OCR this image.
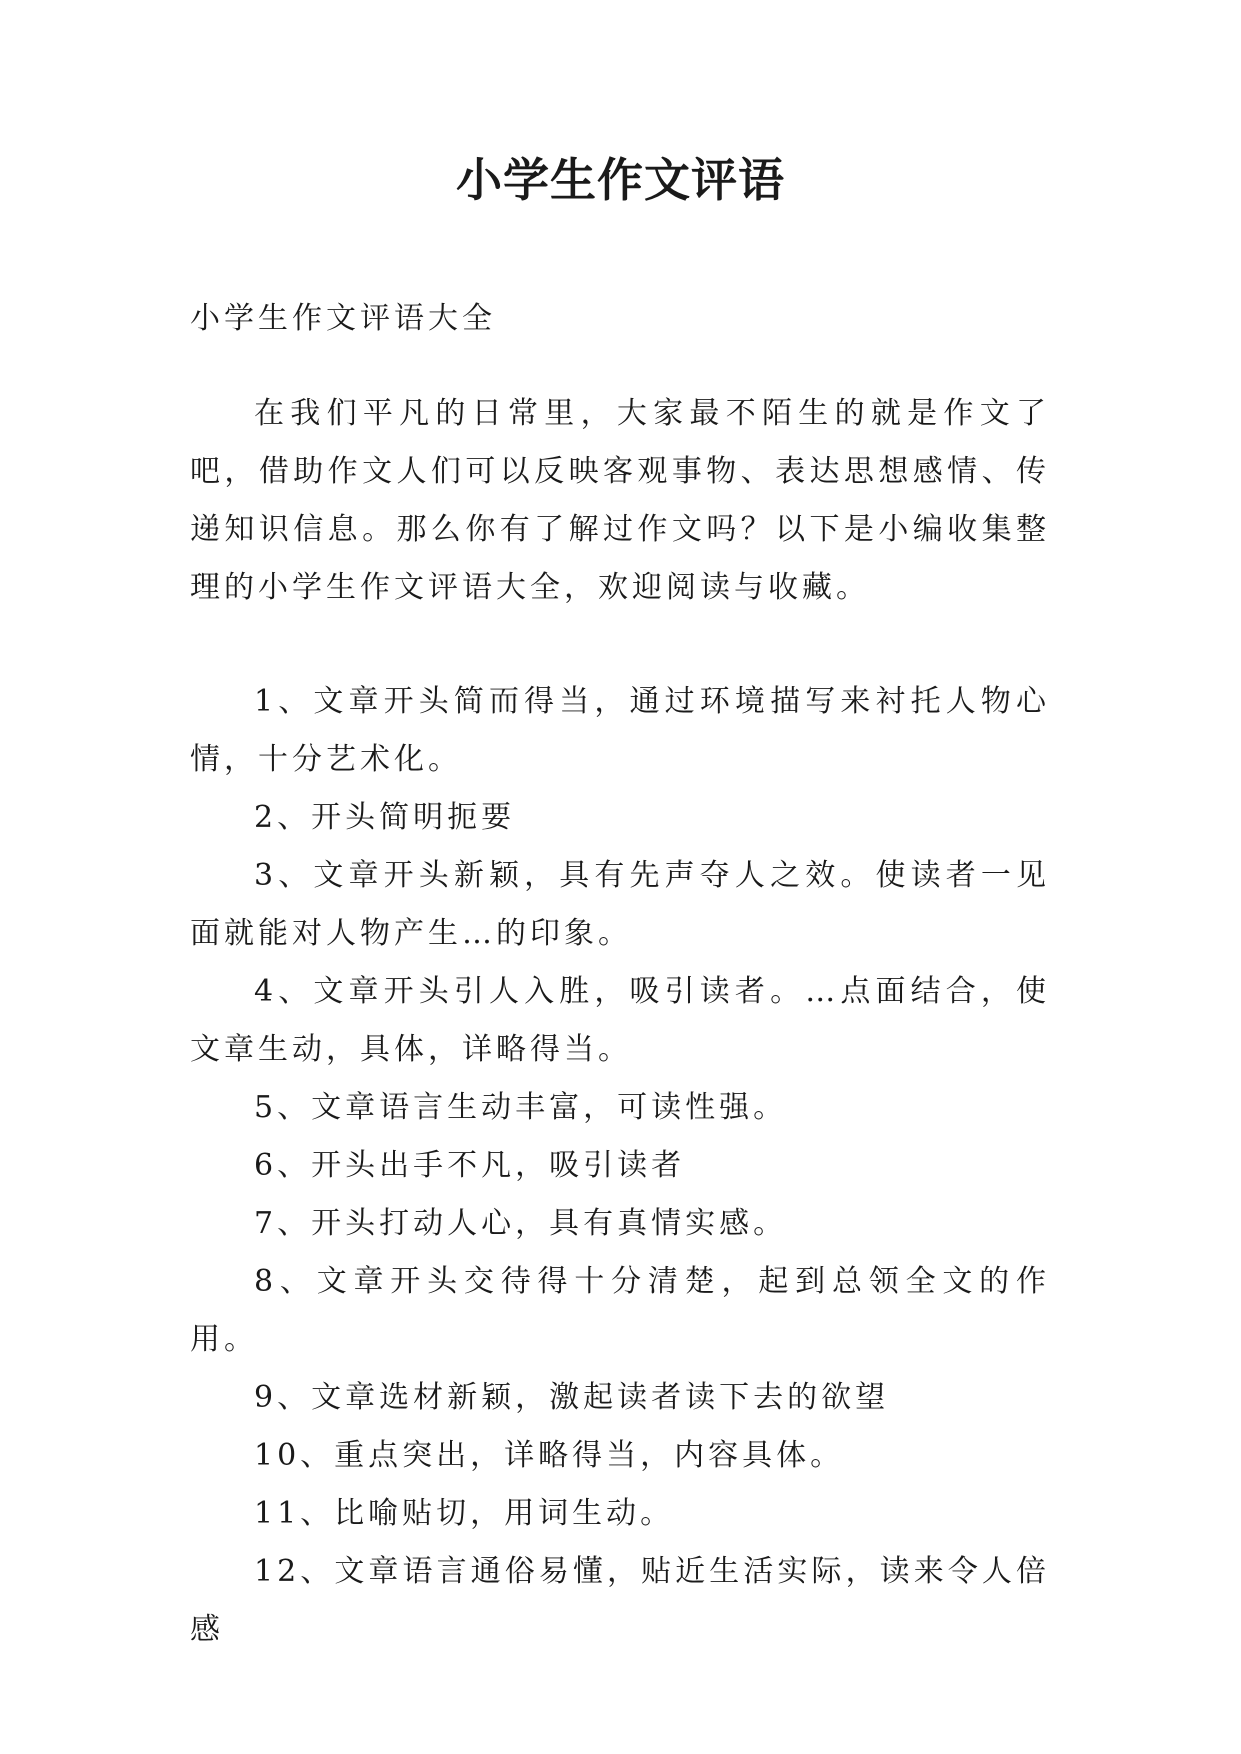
小学生作文评语

小学生作文评语大全

在我们平凡的日常里，大家最不陌生的就是作文了吧，借助作文人们可以反映客观事物、表达思想感情、传递知识信息。那么你有了解过作文吗？以下是小编收集整理的小学生作文评语大全，欢迎阅读与收藏。

1、文章开头简而得当，通过环境描写来衬托人物心情，十分艺术化。

2、开头简明扼要

3、文章开头新颖，具有先声夺人之效。使读者一见面就能对人物产生…的印象。

4、文章开头引人入胜，吸引读者。…点面结合，使文章生动，具体，详略得当。

5、文章语言生动丰富，可读性强。

6、开头出手不凡，吸引读者

7、开头打动人心，具有真情实感。

8、文章开头交待得十分清楚，起到总领全文的作用。

9、文章选材新颖，激起读者读下去的欲望

10、重点突出，详略得当，内容具体。

11、比喻贴切，用词生动。

12、文章语言通俗易懂，贴近生活实际，读来令人倍感
